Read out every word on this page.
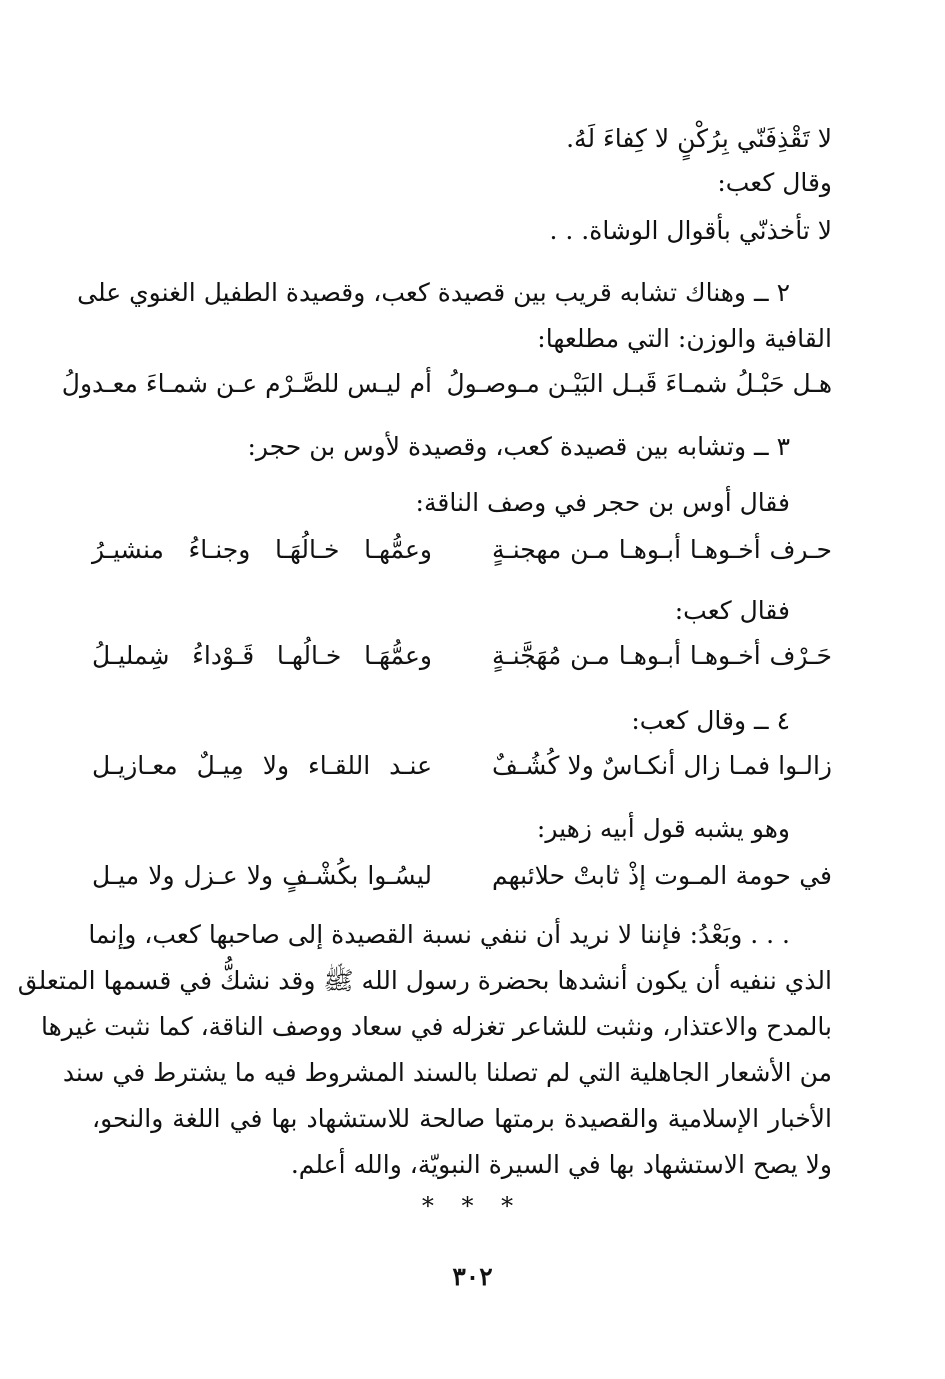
لا تَقْذِفَنّي بِرُكْنٍ لا كِفاءَ لَهُ.
وقال كعب:
لا تأخذنّي بأقوال الوشاة. . .
٢ ــ وهناك تشابه قريب بين قصيدة كعب، وقصيدة الطفيل الغنوي على
القافية والوزن: التي مطلعها:
هـل حَبْـلُ شمـاءَ قَبـل البَيْـن مـوصـولُ
أم ليـس للصَّـرْم عـن شمـاءَ معـدولُ
٣ ــ وتشابه بين قصيدة كعب، وقصيدة لأوس بن حجر:
فقال أوس بن حجر في وصف الناقة:
حـرف أخـوهـا أبـوهـا مـن مهجنـةٍ
وعمُّهـا خـالُهَـا وجنـاءُ منشيـرُ
فقال كعب:
حَـرْف أخـوهـا أبـوهـا مـن مُهَجَّنـةٍ
وعمُّهَـا خـالُهـا قَـوْداءُ شِمليـلُ
٤ ــ وقال كعب:
زالـوا فمـا زال أنكـاسٌ ولا كُشُـفٌ
عنـد اللقـاء ولا مِيـلٌ معـازيـل
وهو يشبه قول أبيه زهير:
في حومة المـوت إذْ ثابتْ حلائبهم
ليسُـوا بكُشْـفٍ ولا عـزل ولا ميـل
. . . وبَعْدُ: فإننا لا نريد أن ننفي نسبة القصيدة إلى صاحبها كعب، وإنما
الذي ننفيه أن يكون أنشدها بحضرة رسول الله ﷺ وقد نشكُّ في قسمها المتعلق
بالمدح والاعتذار، ونثبت للشاعر تغزله في سعاد ووصف الناقة، كما نثبت غيرها
من الأشعار الجاهلية التي لم تصلنا بالسند المشروط فيه ما يشترط في سند
الأخبار الإسلامية والقصيدة برمتها صالحة للاستشهاد بها في اللغة والنحو،
ولا يصح الاستشهاد بها في السيرة النبويّة، والله أعلم.
* * *
٣٠٢
